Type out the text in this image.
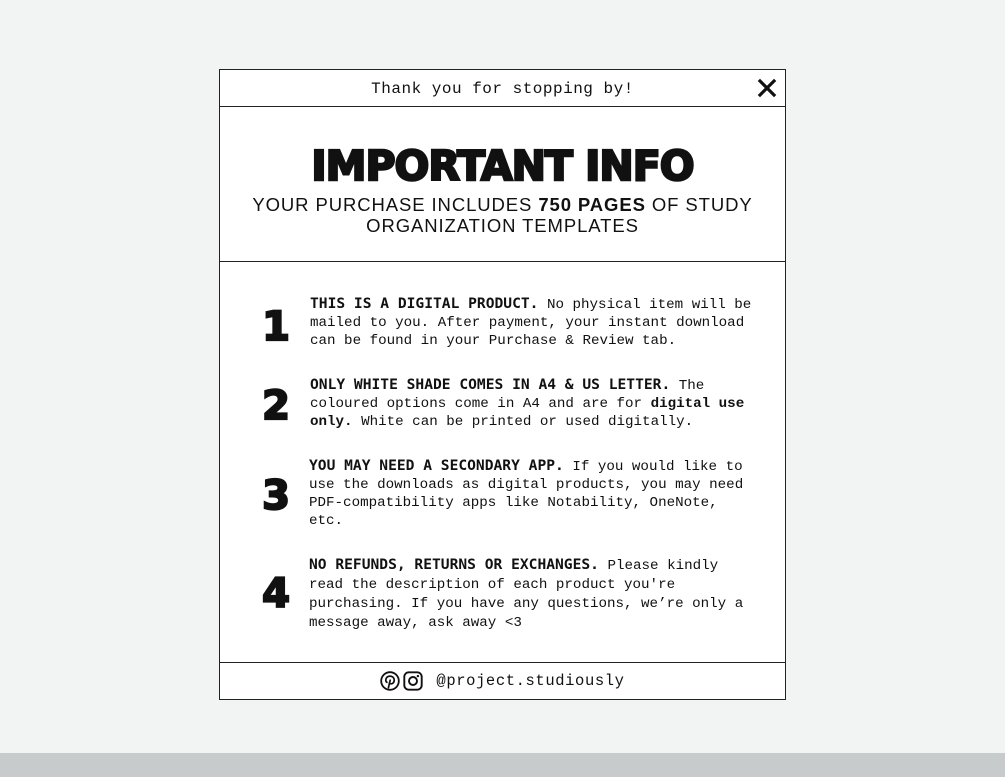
Thank you for stopping by!
IMPORTANT INFO
YOUR PURCHASE INCLUDES 750 PAGES OF STUDY ORGANIZATION TEMPLATES
1
THIS IS A DIGITAL PRODUCT. No physical item will be mailed to you. After payment, your instant download can be found in your Purchase & Review tab.
2	ONLY WHITE SHADE COMES IN A4 & US LETTER. The coloured options come in A4 and are for digital use only. White can be printed or used digitally.
3
YOU MAY NEED A SECONDARY APP. If you would like to use the downloads as digital products, you may need PDF-compatibility apps like Notability, OneNote, etc.
4
NO REFUNDS, RETURNS OR EXCHANGES. Please kindly read the description of each product you're purchasing. If you have any questions, we’re only a message away, ask away <3
@project.studiously
